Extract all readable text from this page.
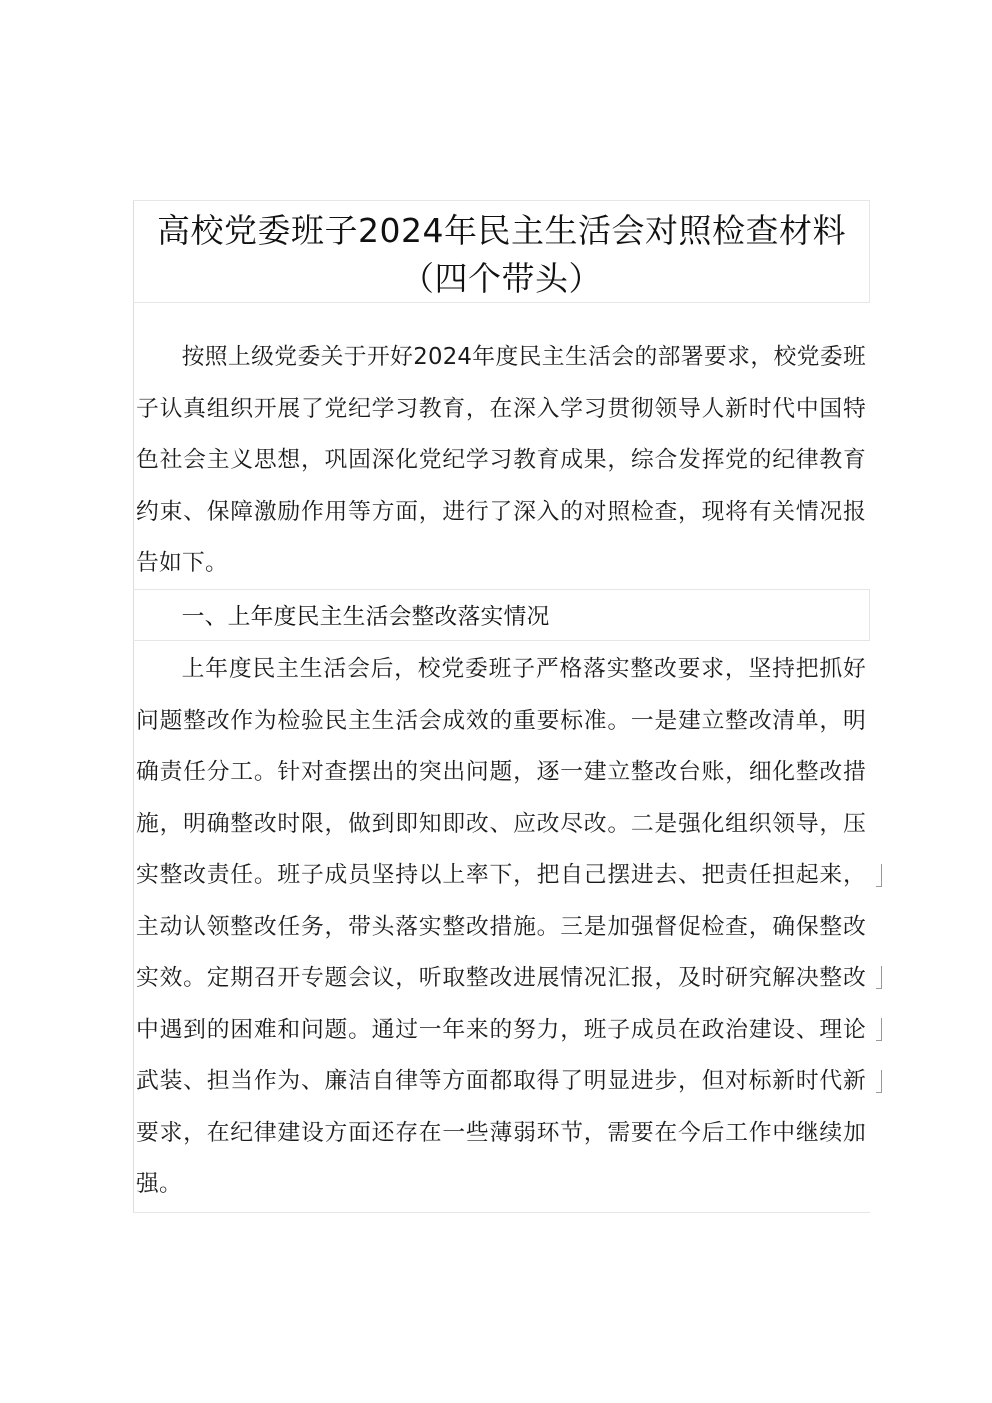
高校党委班子2024年民主生活会对照检查材料
（四个带头）
按照上级党委关于开好2024年度民主生活会的部署要求，校党委班子认真组织开展了党纪学习教育，在深入学习贯彻领导人新时代中国特色社会主义思想，巩固深化党纪学习教育成果，综合发挥党的纪律教育约束、保障激励作用等方面，进行了深入的对照检查，现将有关情况报告如下。
一、上年度民主生活会整改落实情况
上年度民主生活会后，校党委班子严格落实整改要求，坚持把抓好问题整改作为检验民主生活会成效的重要标准。一是建立整改清单，明确责任分工。针对查摆出的突出问题，逐一建立整改台账，细化整改措施，明确整改时限，做到即知即改、应改尽改。二是强化组织领导，压实整改责任。班子成员坚持以上率下，把自己摆进去、把责任担起来，主动认领整改任务，带头落实整改措施。三是加强督促检查，确保整改实效。定期召开专题会议，听取整改进展情况汇报，及时研究解决整改中遇到的困难和问题。通过一年来的努力，班子成员在政治建设、理论武装、担当作为、廉洁自律等方面都取得了明显进步，但对标新时代新要求，在纪律建设方面还存在一些薄弱环节，需要在今后工作中继续加强。
